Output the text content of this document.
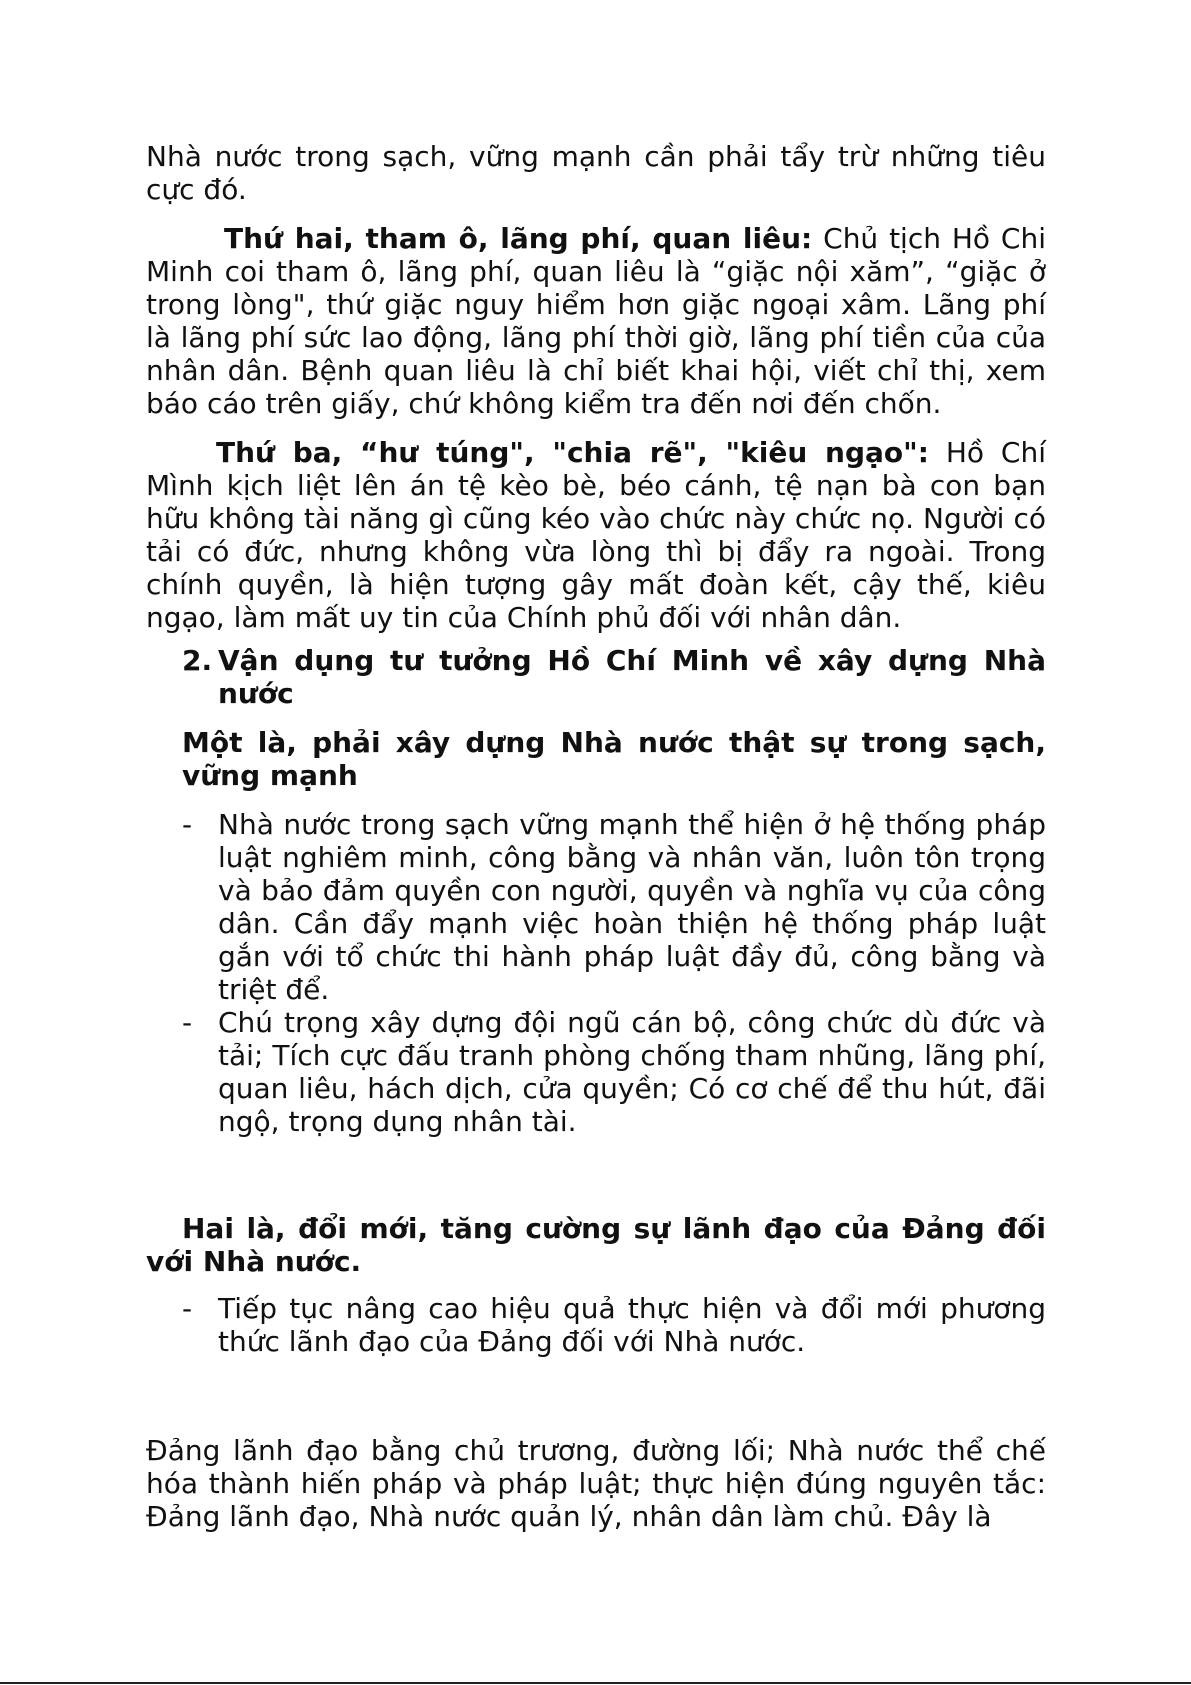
Nhà nước trong sạch, vững mạnh cần phải tẩy trừ những tiêu cực đó.

Thứ hai, tham ô, lãng phí, quan liêu: Chủ tịch Hồ Chi Minh coi tham ô, lãng phí, quan liêu là “giặc nội xăm”, “giặc ở trong lòng", thứ giặc nguy hiểm hơn giặc ngoại xâm. Lãng phí là lãng phí sức lao động, lãng phí thời giờ, lãng phí tiền của của nhân dân. Bệnh quan liêu là chỉ biết khai hội, viết chỉ thị, xem báo cáo trên giấy, chứ không kiểm tra đến nơi đến chốn.

Thứ ba, “hư túng", "chia rẽ", "kiêu ngạo": Hồ Chí Mình kịch liệt lên án tệ kèo bè, béo cánh, tệ nạn bà con bạn hữu không tài năng gì cũng kéo vào chức này chức nọ. Người có tải có đức, nhưng không vừa lòng thì bị đẩy ra ngoài. Trong chính quyền, là hiện tượng gây mất đoàn kết, cậy thế, kiêu ngạo, làm mất uy tin của Chính phủ đối với nhân dân.

2. Vận dụng tư tưởng Hồ Chí Minh về xây dựng Nhà nước

Một là, phải xây dựng Nhà nước thật sự trong sạch, vững mạnh

- Nhà nước trong sạch vững mạnh thể hiện ở hệ thống pháp luật nghiêm minh, công bằng và nhân văn, luôn tôn trọng và bảo đảm quyền con người, quyền và nghĩa vụ của công dân. Cần đẩy mạnh việc hoàn thiện hệ thống pháp luật gắn với tổ chức thi hành pháp luật đầy đủ, công bằng và triệt để.
- Chú trọng xây dựng đội ngũ cán bộ, công chức dù đức và tải; Tích cực đấu tranh phòng chống tham nhũng, lãng phí, quan liêu, hách dịch, cửa quyền; Có cơ chế để thu hút, đãi ngộ, trọng dụng nhân tài.

Hai là, đổi mới, tăng cường sự lãnh đạo của Đảng đối với Nhà nước.

- Tiếp tục nâng cao hiệu quả thực hiện và đổi mới phương thức lãnh đạo của Đảng đối với Nhà nước.

Đảng lãnh đạo bằng chủ trương, đường lối; Nhà nước thể chế hóa thành hiến pháp và pháp luật; thực hiện đúng nguyên tắc: Đảng lãnh đạo, Nhà nước quản lý, nhân dân làm chủ. Đây là
